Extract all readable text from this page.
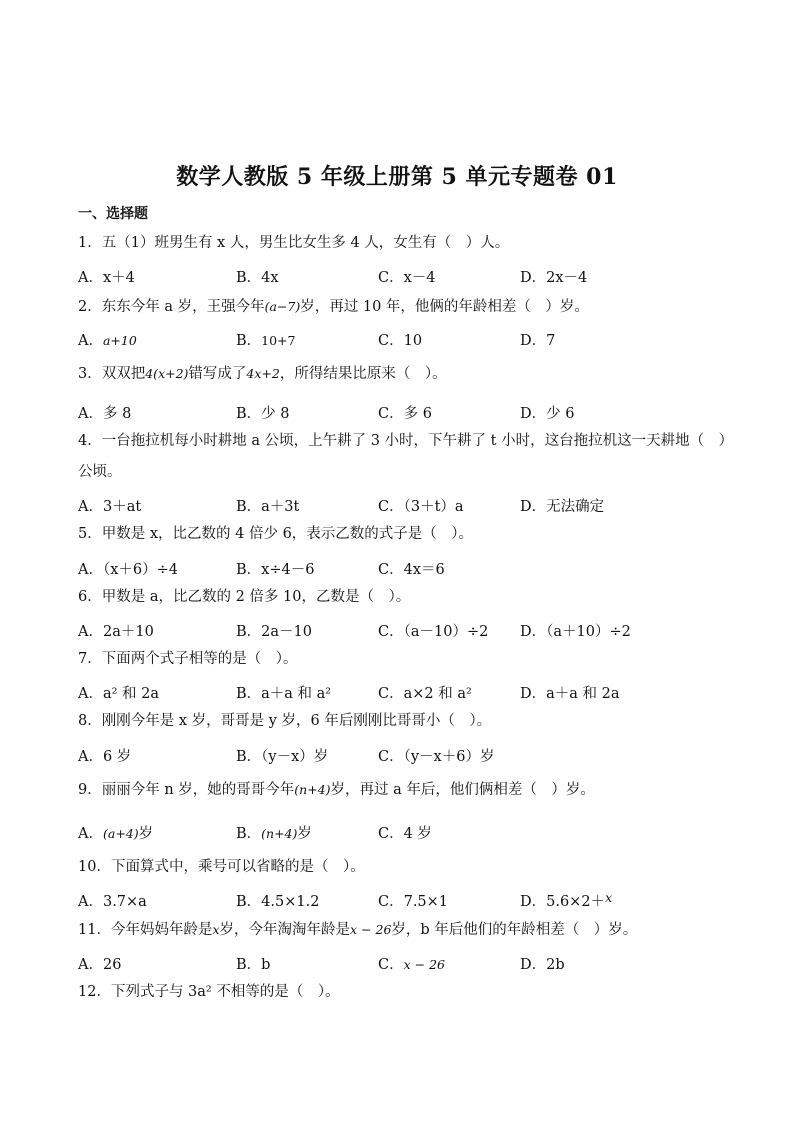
数学人教版 5 年级上册第 5 单元专题卷 01
一、选择题
1．五（1）班男生有 x 人，男生比女生多 4 人，女生有（　）人。
A．x＋4	B．4x	C．x－4	D．2x－4
2．东东今年 a 岁，王强今年(a−7)岁，再过 10 年，他俩的年龄相差（　）岁。
A．a+10	B．10+7	C．10	D．7
3．双双把4(x+2)错写成了4x+2，所得结果比原来（　）。
A．多 8	B．少 8	C．多 6	D．少 6
4．一台拖拉机每小时耕地 a 公顷，上午耕了 3 小时，下午耕了 t 小时，这台拖拉机这一天耕地（　）公顷。
A．3＋at	B．a＋3t	C．（3＋t）a	D．无法确定
5．甲数是 x，比乙数的 4 倍少 6，表示乙数的式子是（　）。
A．（x＋6）÷4	B．x÷4－6	C．4x＝6
6．甲数是 a，比乙数的 2 倍多 10，乙数是（　）。
A．2a＋10	B．2a－10	C．（a－10）÷2 D．（a＋10）÷2
7．下面两个式子相等的是（　）。
A．a² 和 2a	B．a＋a 和 a²	C．a×2 和 a²	D．a＋a 和 2a
8．刚刚今年是 x 岁，哥哥是 y 岁，6 年后刚刚比哥哥小（　）。
A．6 岁	B．（y－x）岁	C．（y－x＋6）岁
9．丽丽今年 n 岁，她的哥哥今年(n+4)岁，再过 a 年后，他们俩相差（　）岁。
A．(a+4)岁	B．(n+4)岁	C．4 岁
10．下面算式中，乘号可以省略的是（　）。
A．3.7×a	B．4.5×1.2	C．7.5×1	D．5.6×2＋x
11．今年妈妈年龄是x岁，今年淘淘年龄是x − 26岁，b 年后他们的年龄相差（　）岁。
A．26	B．b	C．x − 26	D．2b
12．下列式子与 3a² 不相等的是（　）。
